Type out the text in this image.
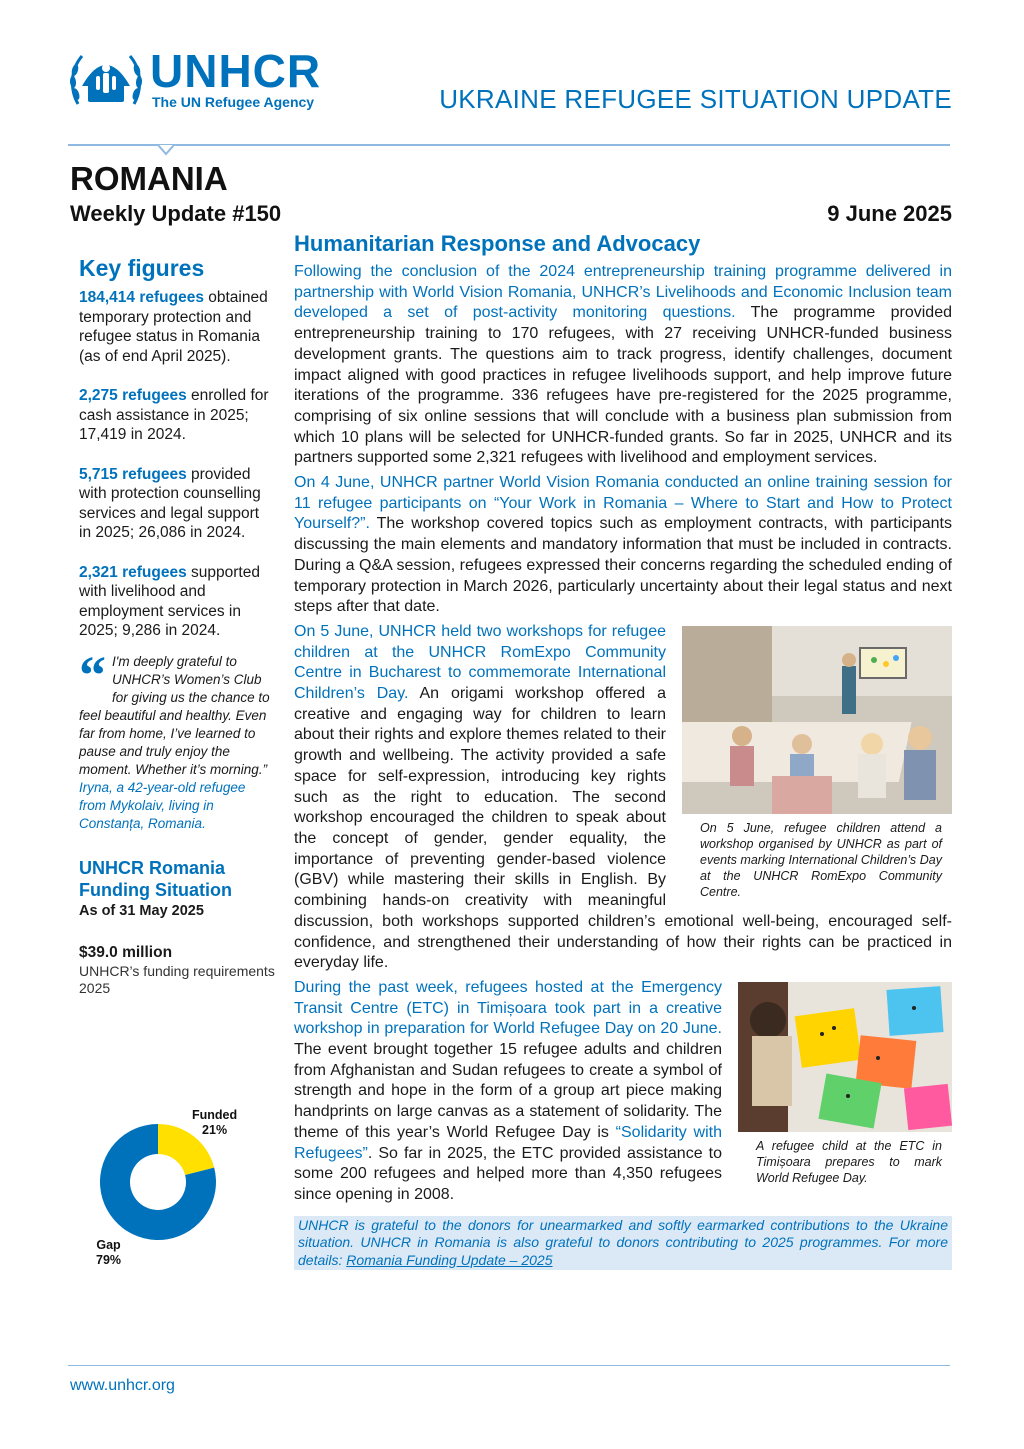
UNHCR
The UN Refugee Agency	UKRAINE REFUGEE SITUATION UPDATE
ROMANIA
Weekly Update #150	9 June 2025
Key figures
184,414 refugees obtained temporary protection and refugee status in Romania (as of end April 2025).
2,275 refugees enrolled for cash assistance in 2025; 17,419 in 2024.
5,715 refugees provided with protection counselling services and legal support in 2025; 26,086 in 2024.
2,321 refugees supported with livelihood and employment services in 2025; 9,286 in 2024.
“ I'm deeply grateful to UNHCR’s Women’s Club for giving us the chance to feel beautiful and healthy. Even far from home, I’ve learned to pause and truly enjoy the moment. Whether it’s morning.” Iryna, a 42-year-old refugee from Mykolaiv, living in Constanța, Romania.
UNHCR Romania Funding Situation
As of 31 May 2025
$39.0 million
UNHCR’s funding requirements 2025
Funded
21%
Gap
79%
Humanitarian Response and Advocacy

Following the conclusion of the 2024 entrepreneurship training programme delivered in partnership with World Vision Romania, UNHCR’s Livelihoods and Economic Inclusion team developed a set of post-activity monitoring questions. The programme provided entrepreneurship training to 170 refugees, with 27 receiving UNHCR-funded business development grants. The questions aim to track progress, identify challenges, document impact aligned with good practices in refugee livelihoods support, and help improve future iterations of the programme. 336 refugees have pre-registered for the 2025 programme, comprising of six online sessions that will conclude with a business plan submission from which 10 plans will be selected for UNHCR-funded grants. So far in 2025, UNHCR and its partners supported some 2,321 refugees with livelihood and employment services.

On 4 June, UNHCR partner World Vision Romania conducted an online training session for 11 refugee participants on “Your Work in Romania – Where to Start and How to Protect Yourself?”. The workshop covered topics such as employment contracts, with participants discussing the main elements and mandatory information that must be included in contracts. During a Q&A session, refugees expressed their concerns regarding the scheduled ending of temporary protection in March 2026, particularly uncertainty about their legal status and next steps after that date.

On 5 June, refugee children attend a workshop organised by UNHCR as part of events marking International Children’s Day at the UNHCR RomExpo Community Centre.

On 5 June, UNHCR held two workshops for refugee children at the UNHCR RomExpo Community Centre in Bucharest to commemorate International Children’s Day. An origami workshop offered a creative and engaging way for children to learn about their rights and explore themes related to their growth and wellbeing. The activity provided a safe space for self-expression, introducing key rights such as the right to education. The second workshop encouraged the children to speak about the concept of gender, gender equality, the importance of preventing gender-based violence (GBV) while mastering their skills in English. By combining hands-on creativity with meaningful discussion, both workshops supported children’s emotional well-being, encouraged self-confidence, and strengthened their understanding of how their rights can be practiced in everyday life.

A refugee child at the ETC in Timișoara prepares to mark World Refugee Day.

During the past week, refugees hosted at the Emergency Transit Centre (ETC) in Timișoara took part in a creative workshop in preparation for World Refugee Day on 20 June. The event brought together 15 refugee adults and children from Afghanistan and Sudan refugees to create a symbol of strength and hope in the form of a group art piece making handprints on large canvas as a statement of solidarity. The theme of this year’s World Refugee Day is “Solidarity with Refugees”. So far in 2025, the ETC provided assistance to some 200 refugees and helped more than 4,350 refugees since opening in 2008.

UNHCR is grateful to the donors for unearmarked and softly earmarked contributions to the Ukraine situation. UNHCR in Romania is also grateful to donors contributing to 2025 programmes. For more details: Romania Funding Update – 2025
www.unhcr.org
